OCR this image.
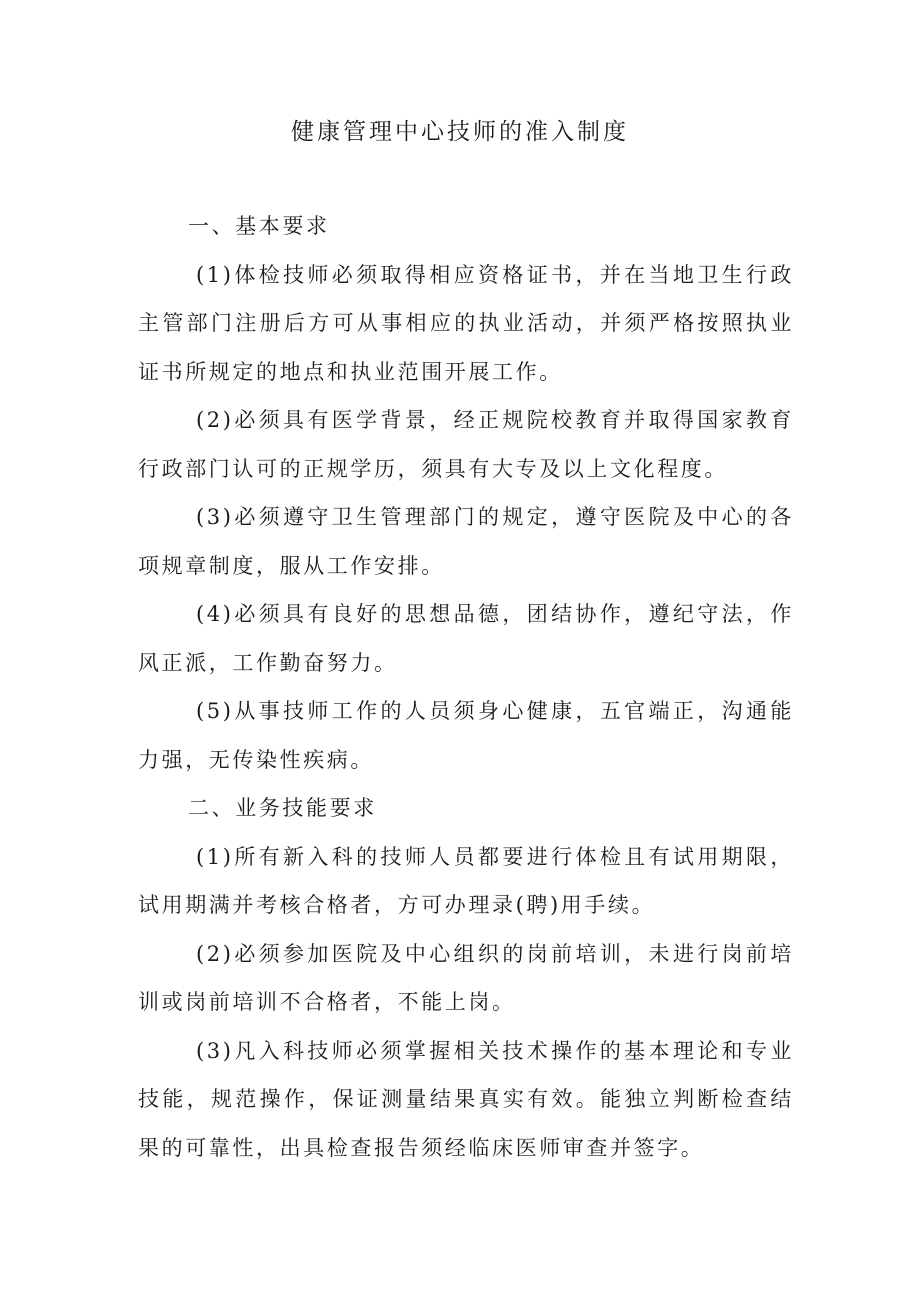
健康管理中心技师的准入制度

一、基本要求

(1)体检技师必须取得相应资格证书，并在当地卫生行政主管部门注册后方可从事相应的执业活动，并须严格按照执业证书所规定的地点和执业范围开展工作。

(2)必须具有医学背景，经正规院校教育并取得国家教育行政部门认可的正规学历，须具有大专及以上文化程度。

(3)必须遵守卫生管理部门的规定，遵守医院及中心的各项规章制度，服从工作安排。

(4)必须具有良好的思想品德，团结协作，遵纪守法，作风正派，工作勤奋努力。

(5)从事技师工作的人员须身心健康，五官端正，沟通能力强，无传染性疾病。

二、业务技能要求

(1)所有新入科的技师人员都要进行体检且有试用期限，试用期满并考核合格者，方可办理录(聘)用手续。

(2)必须参加医院及中心组织的岗前培训，未进行岗前培训或岗前培训不合格者，不能上岗。

(3)凡入科技师必须掌握相关技术操作的基本理论和专业技能，规范操作，保证测量结果真实有效。能独立判断检查结果的可靠性，出具检查报告须经临床医师审查并签字。
